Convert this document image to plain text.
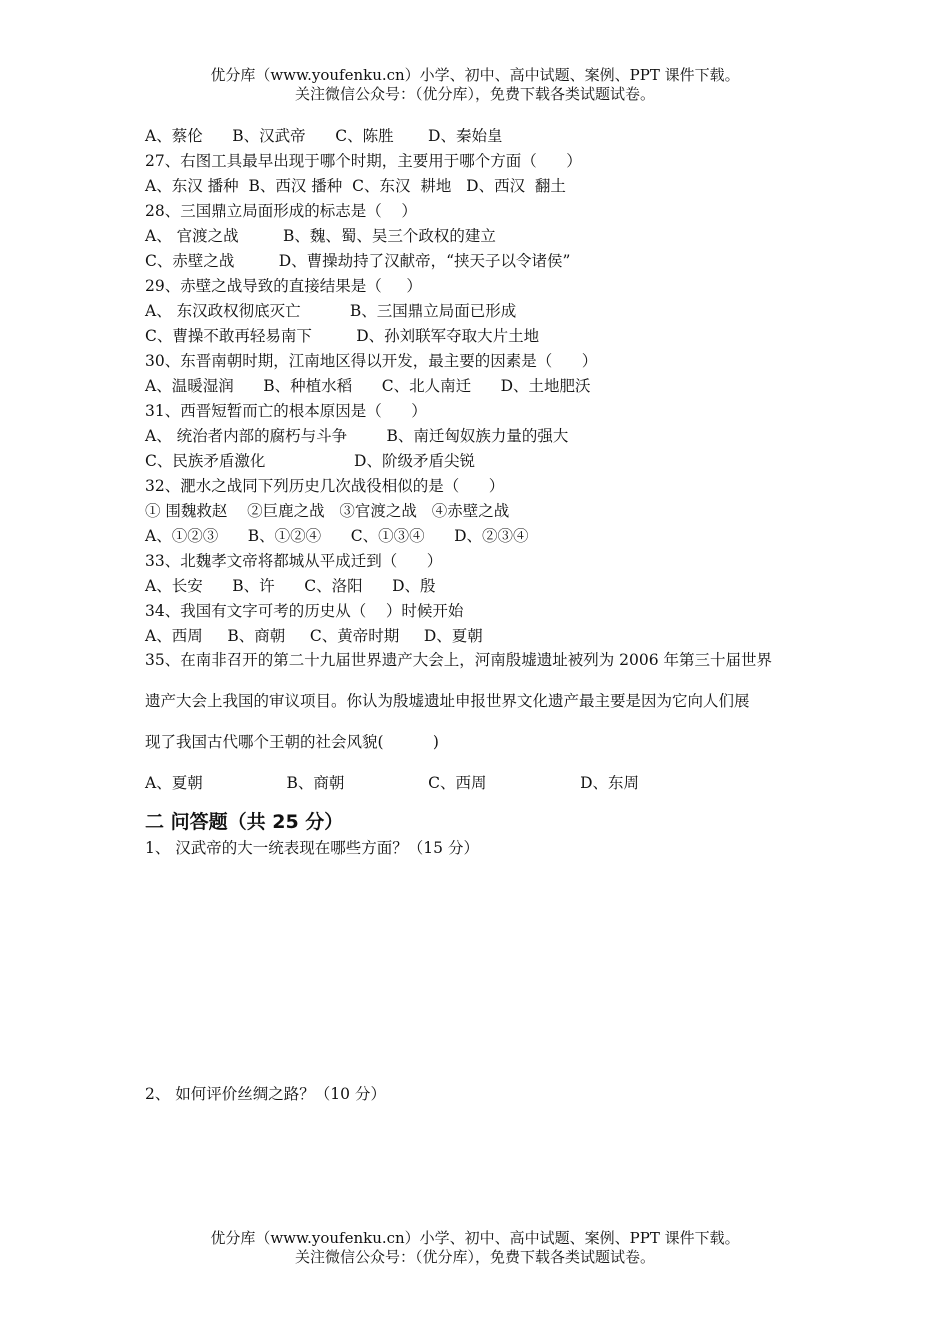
优分库（www.youfenku.cn）小学、初中、高中试题、案例、PPT 课件下载。
关注微信公众号：（优分库），免费下载各类试题试卷。
A、蔡伦      B、汉武帝      C、陈胜       D、秦始皇
27、右图工具最早出现于哪个时期，主要用于哪个方面（      ）
A、东汉 播种  B、西汉 播种  C、东汉  耕地   D、西汉  翻土
28、三国鼎立局面形成的标志是（    ）
A、 官渡之战         B、魏、蜀、吴三个政权的建立
C、赤壁之战         D、曹操劫持了汉献帝，“挟天子以令诸侯”
29、赤壁之战导致的直接结果是（     ）
A、 东汉政权彻底灭亡          B、三国鼎立局面已形成
C、曹操不敢再轻易南下         D、孙刘联军夺取大片土地
30、东晋南朝时期，江南地区得以开发，最主要的因素是（      ）
A、温暖湿润      B、种植水稻      C、北人南迁      D、土地肥沃
31、西晋短暂而亡的根本原因是（      ）
A、 统治者内部的腐朽与斗争        B、南迁匈奴族力量的强大
C、民族矛盾激化                  D、阶级矛盾尖锐
32、淝水之战同下列历史几次战役相似的是（      ）
① 围魏救赵    ②巨鹿之战   ③官渡之战   ④赤壁之战
A、①②③      B、①②④      C、①③④      D、②③④
33、北魏孝文帝将都城从平成迁到（      ）
A、长安      B、许      C、洛阳      D、殷
34、我国有文字可考的历史从（    ）时候开始
A、西周     B、商朝     C、黄帝时期     D、夏朝
35、在南非召开的第二十九届世界遗产大会上，河南殷墟遗址被列为 2006 年第三十届世界
遗产大会上我国的审议项目。你认为殷墟遗址申报世界文化遗产最主要是因为它向人们展
现了我国古代哪个王朝的社会风貌(          )
A、夏朝                 B、商朝                 C、西周                   D、东周
二 问答题（共 25 分）
1、 汉武帝的大一统表现在哪些方面？（15 分）
2、 如何评价丝绸之路？（10 分）
优分库（www.youfenku.cn）小学、初中、高中试题、案例、PPT 课件下载。
关注微信公众号：（优分库），免费下载各类试题试卷。
